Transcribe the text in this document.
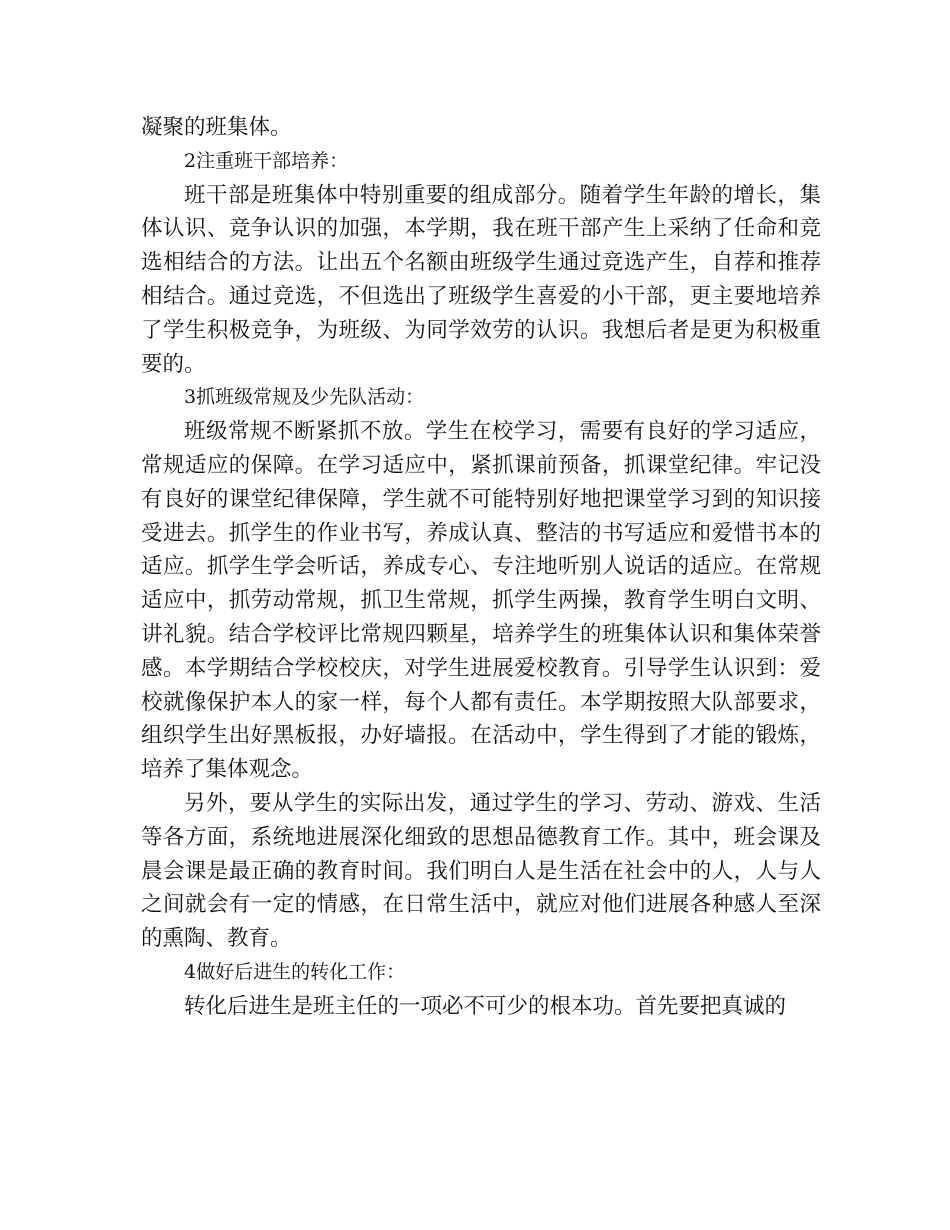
凝聚的班集体。

2注重班干部培养：

班干部是班集体中特别重要的组成部分。随着学生年龄的增长，集体认识、竞争认识的加强，本学期，我在班干部产生上采纳了任命和竞选相结合的方法。让出五个名额由班级学生通过竞选产生，自荐和推荐相结合。通过竞选，不但选出了班级学生喜爱的小干部，更主要地培养了学生积极竞争，为班级、为同学效劳的认识。我想后者是更为积极重要的。

3抓班级常规及少先队活动：

班级常规不断紧抓不放。学生在校学习，需要有良好的学习适应，常规适应的保障。在学习适应中，紧抓课前预备，抓课堂纪律。牢记没有良好的课堂纪律保障，学生就不可能特别好地把课堂学习到的知识接受进去。抓学生的作业书写，养成认真、整洁的书写适应和爱惜书本的适应。抓学生学会听话，养成专心、专注地听别人说话的适应。在常规适应中，抓劳动常规，抓卫生常规，抓学生两操，教育学生明白文明、讲礼貌。结合学校评比常规四颗星，培养学生的班集体认识和集体荣誉感。本学期结合学校校庆，对学生进展爱校教育。引导学生认识到：爱校就像保护本人的家一样，每个人都有责任。本学期按照大队部要求，组织学生出好黑板报，办好墙报。在活动中，学生得到了才能的锻炼，培养了集体观念。

另外，要从学生的实际出发，通过学生的学习、劳动、游戏、生活等各方面，系统地进展深化细致的思想品德教育工作。其中，班会课及晨会课是最正确的教育时间。我们明白人是生活在社会中的人，人与人之间就会有一定的情感，在日常生活中，就应对他们进展各种感人至深的熏陶、教育。

4做好后进生的转化工作：

转化后进生是班主任的一项必不可少的根本功。首先要把真诚的
